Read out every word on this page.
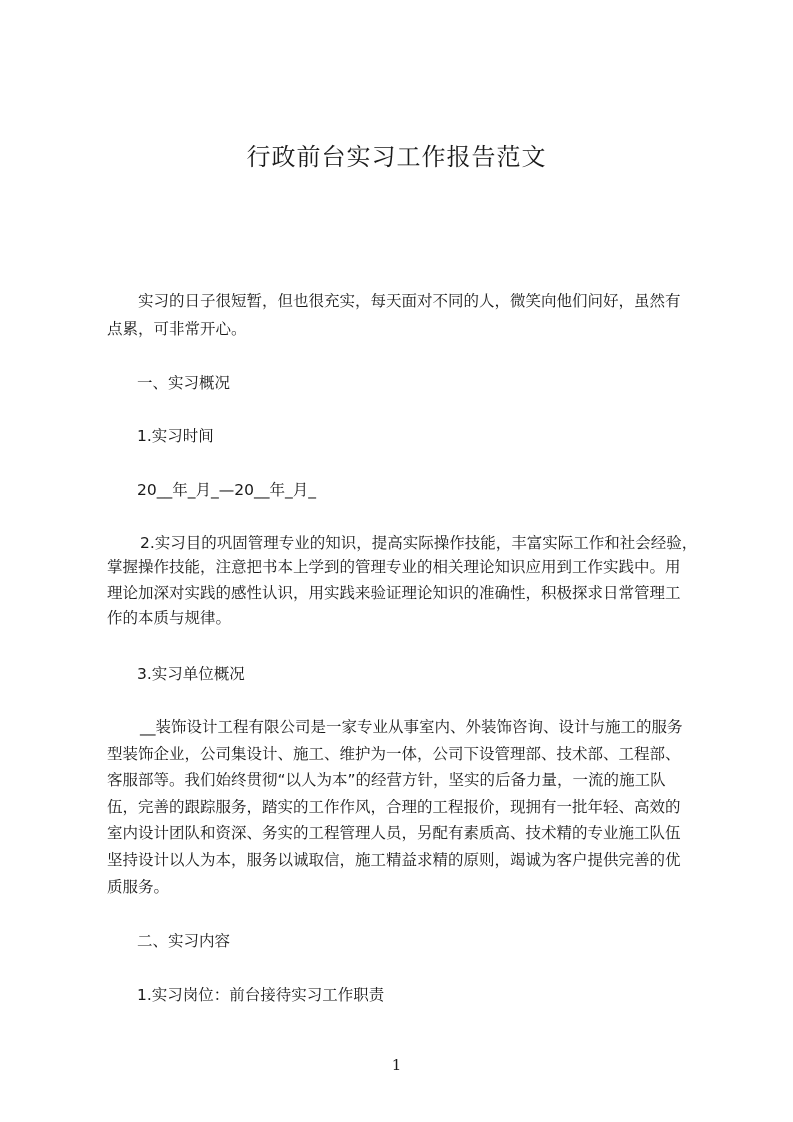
行政前台实习工作报告范文

实习的日子很短暂，但也很充实，每天面对不同的人，微笑向他们问好，虽然有

点累，可非常开心。

一、实习概况

1.实习时间

20__年_月_—20__年_月_

2.实习目的巩固管理专业的知识，提高实际操作技能，丰富实际工作和社会经验，

掌握操作技能，注意把书本上学到的管理专业的相关理论知识应用到工作实践中。用

理论加深对实践的感性认识，用实践来验证理论知识的准确性，积极探求日常管理工

作的本质与规律。

3.实习单位概况

__装饰设计工程有限公司是一家专业从事室内、外装饰咨询、设计与施工的服务

型装饰企业，公司集设计、施工、维护为一体，公司下设管理部、技术部、工程部、

客服部等。我们始终贯彻“以人为本”的经营方针，坚实的后备力量，一流的施工队

伍，完善的跟踪服务，踏实的工作作风，合理的工程报价，现拥有一批年轻、高效的

室内设计团队和资深、务实的工程管理人员，另配有素质高、技术精的专业施工队伍

坚持设计以人为本，服务以诚取信，施工精益求精的原则，竭诚为客户提供完善的优

质服务。

二、实习内容

1.实习岗位：前台接待实习工作职责

1
